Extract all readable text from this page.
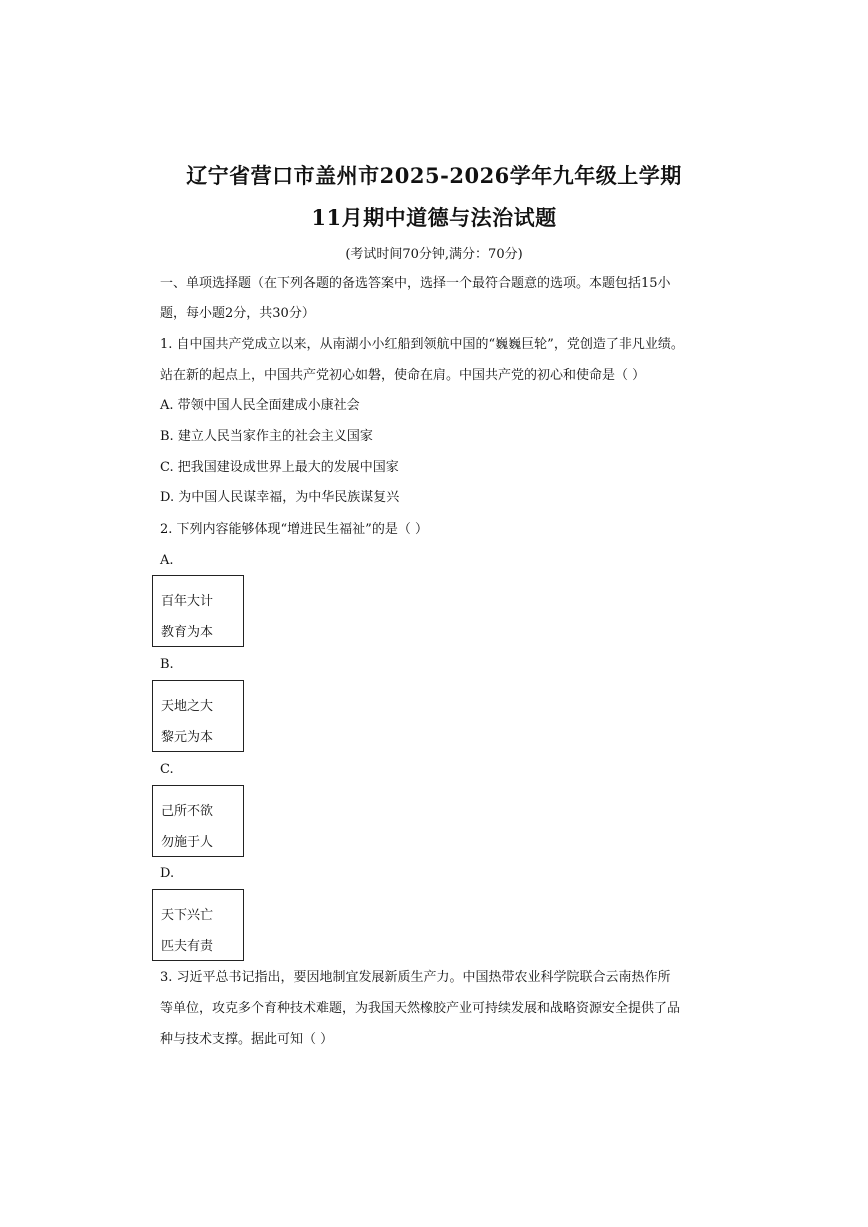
辽宁省营口市盖州市2025-2026学年九年级上学期
11月期中道德与法治试题
(考试时间70分钟,满分：70分)
一、单项选择题（在下列各题的备选答案中，选择一个最符合题意的选项。本题包括15小
题，每小题2分，共30分）
1. 自中国共产党成立以来，从南湖小小红船到领航中国的“巍巍巨轮”，党创造了非凡业绩。
站在新的起点上，中国共产党初心如磐，使命在肩。中国共产党的初心和使命是（ ）
A. 带领中国人民全面建成小康社会
B. 建立人民当家作主的社会主义国家
C. 把我国建设成世界上最大的发展中国家
D. 为中国人民谋幸福，为中华民族谋复兴
2. 下列内容能够体现“增进民生福祉”的是（ ）
A.
百年大计
教育为本
B.
天地之大
黎元为本
C.
己所不欲
勿施于人
D.
天下兴亡
匹夫有责
3. 习近平总书记指出，要因地制宜发展新质生产力。中国热带农业科学院联合云南热作所
等单位，攻克多个育种技术难题，为我国天然橡胶产业可持续发展和战略资源安全提供了品
种与技术支撑。据此可知（ ）
